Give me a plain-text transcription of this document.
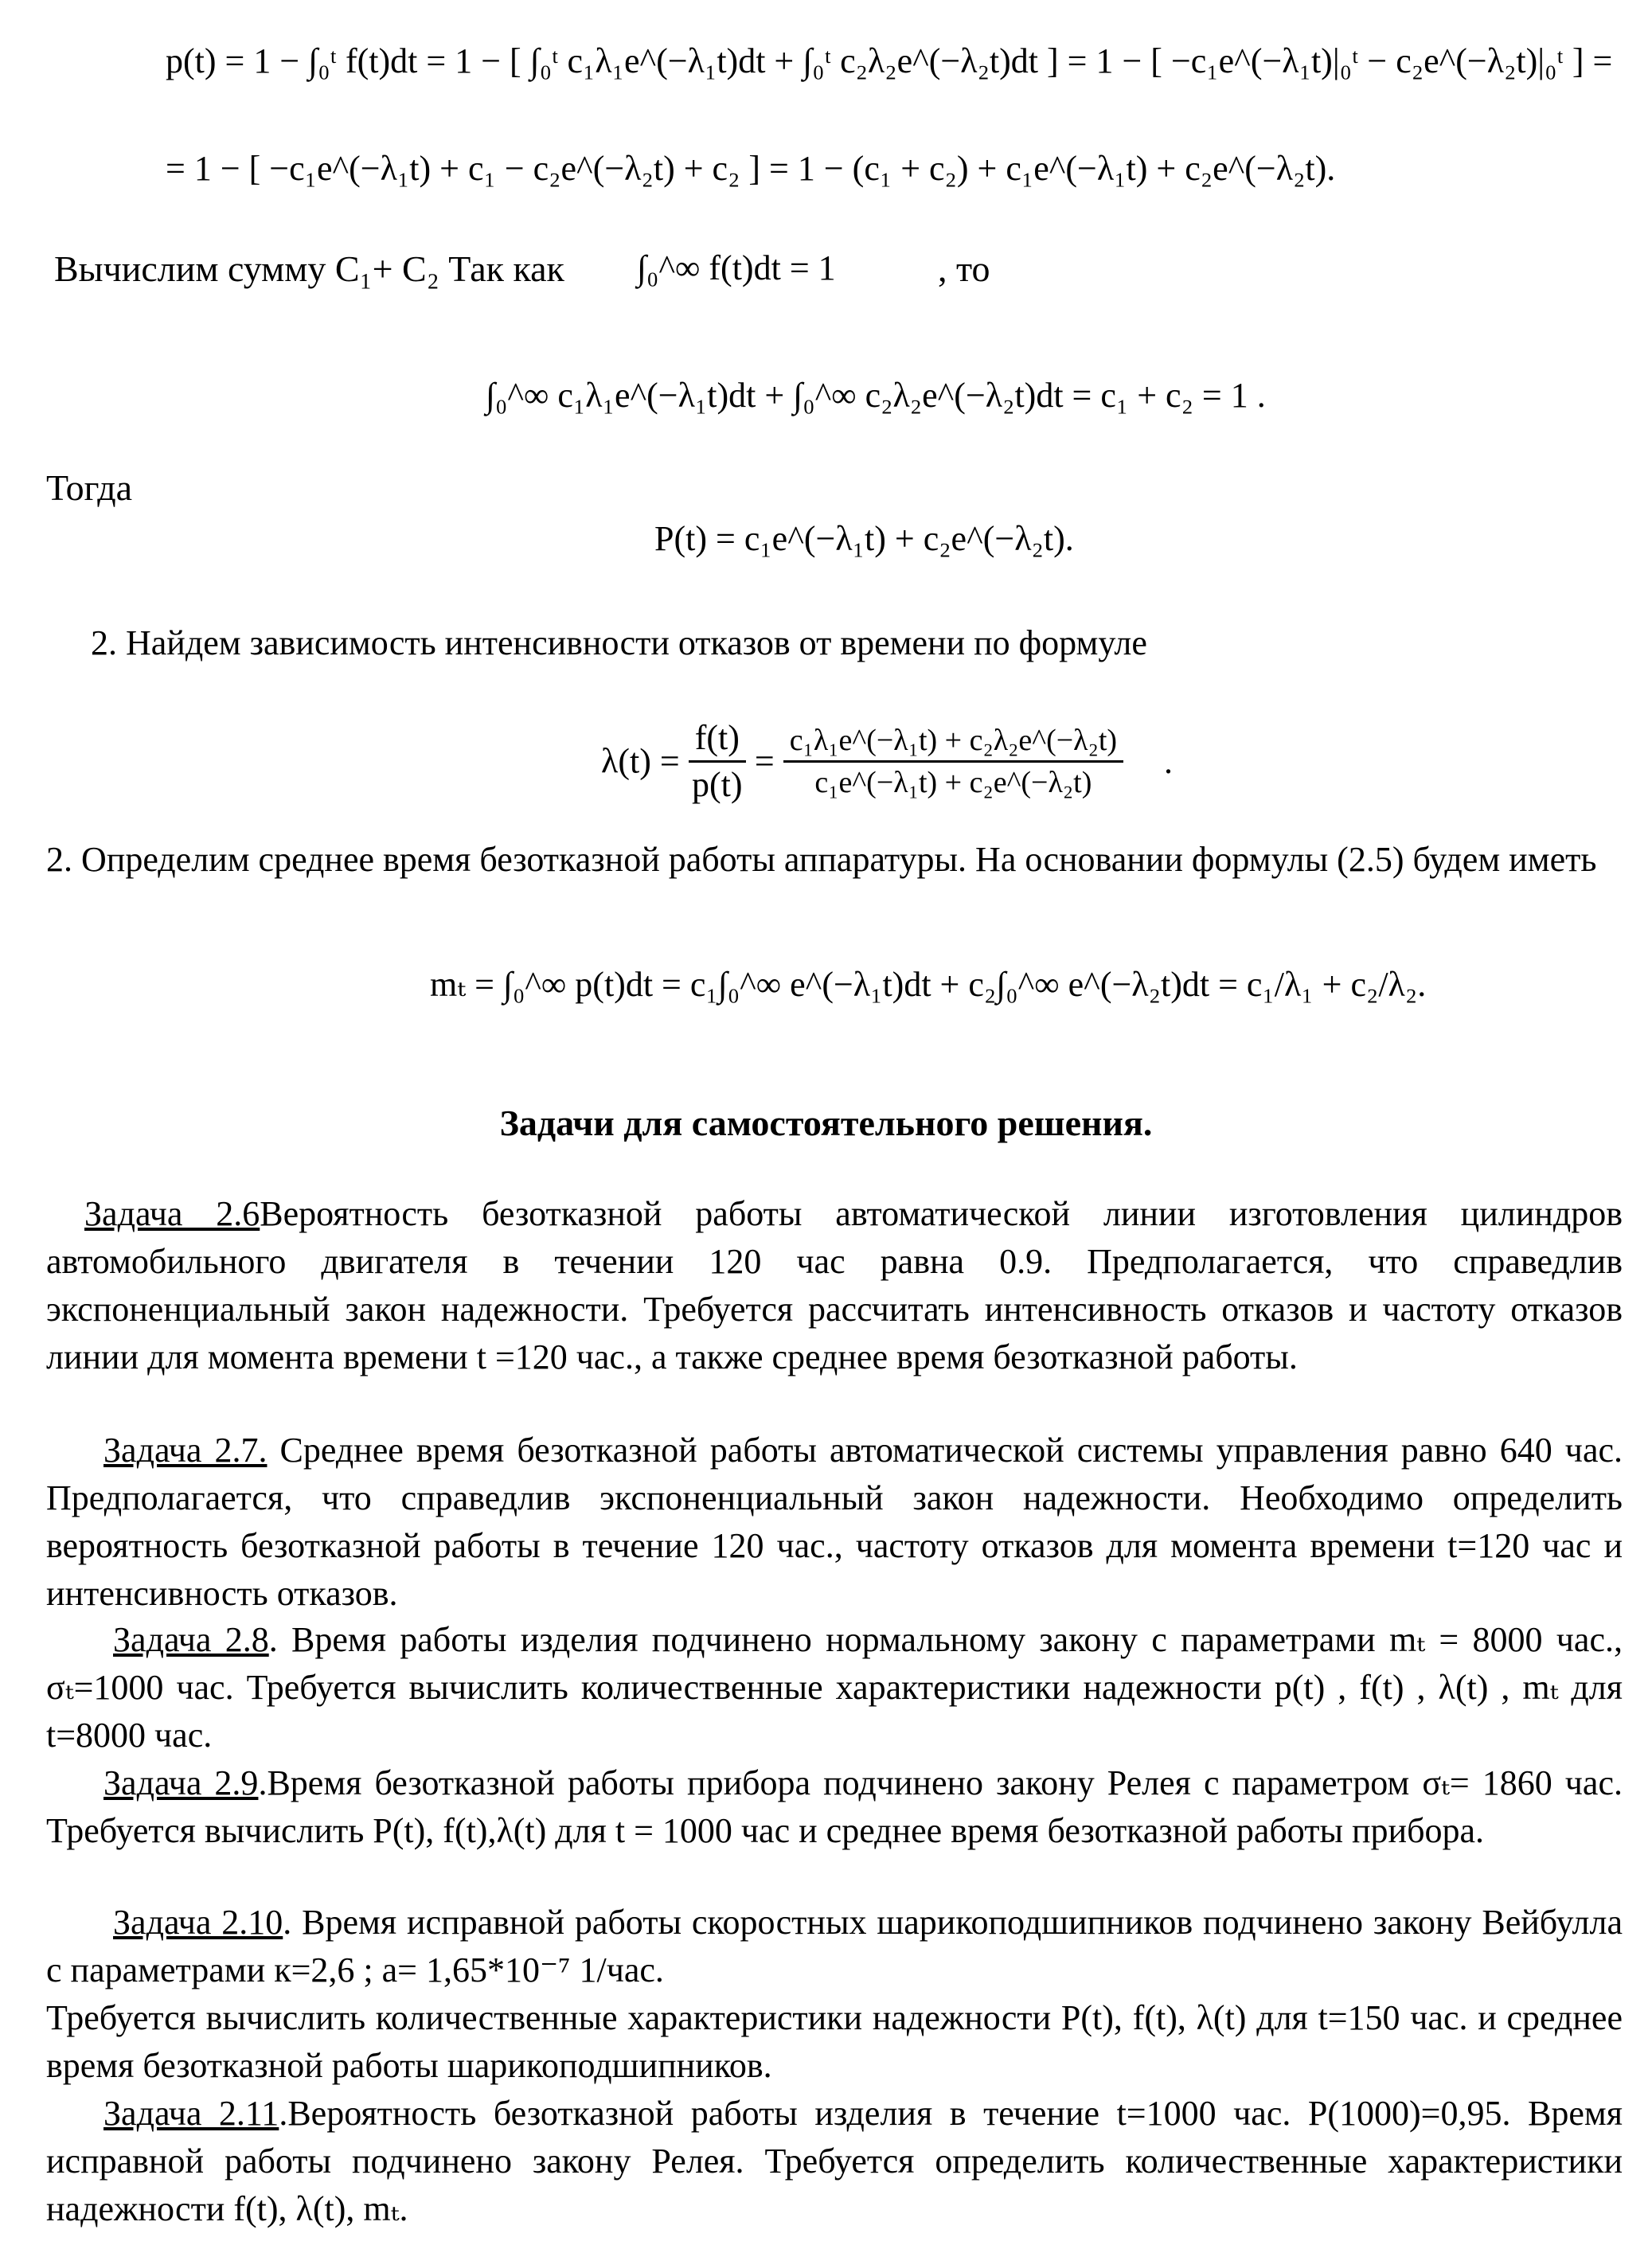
p(t) = 1 − ∫₀ᵗ f(t)dt = 1 − [ ∫₀ᵗ c₁λ₁e^(−λ₁t)dt + ∫₀ᵗ c₂λ₂e^(−λ₂t)dt ] = 1 − [ −c₁e^(−λ₁t)|₀ᵗ − c₂e^(−λ₂t)|₀ᵗ ] =
= 1 − [ −c₁e^(−λ₁t) + c₁ − c₂e^(−λ₂t) + c₂ ] = 1 − (c₁ + c₂) + c₁e^(−λ₁t) + c₂e^(−λ₂t).
Вычислим сумму C₁+ C₂ Так как ∫₀^∞ f(t)dt = 1	, то
∫₀^∞ c₁λ₁e^(−λ₁t)dt + ∫₀^∞ c₂λ₂e^(−λ₂t)dt = c₁ + c₂ = 1 .
Тогда
P(t) = c₁e^(−λ₁t) + c₂e^(−λ₂t).
2. Найдем зависимость интенсивности отказов от времени по формуле
$\lambda(t) = \frac{f(t)}{p(t)} = \frac{\text{c₁λ₁e\textasciicircum{}(−λ₁t) + c₂λ₂e\textasciicircum{}(−λ₂t)}}{\text{c₁e\textasciicircum{}(−λ₁t) + c₂e\textasciicircum{}(−λ₂t)}}$ .
2. Определим среднее время безотказной работы аппаратуры. На основании формулы (2.5) будем иметь
mₜ = ∫₀^∞ p(t)dt = c₁∫₀^∞ e^(−λ₁t)dt + c₂∫₀^∞ e^(−λ₂t)dt = c₁/λ₁ + c₂/λ₂.
Задачи для самостоятельного решения.
Задача 2.6Вероятность безотказной работы автоматической линии изготовления цилиндров автомобильного двигателя в течении 120 час равна 0.9. Предполагается, что справедлив экспоненциальный закон надежности. Требуется рассчитать интенсивность отказов и частоту отказов линии для момента времени t =120 час., а также среднее время безотказной работы.
Задача 2.7. Среднее время безотказной работы автоматической системы управления равно 640 час. Предполагается, что справедлив экспоненциальный закон надежности. Необходимо определить вероятность безотказной работы в течение 120 час., частоту отказов для момента времени t=120 час и интенсивность отказов.
Задача 2.8. Время работы изделия подчинено нормальному закону с параметрами mₜ = 8000 час., σₜ=1000 час. Требуется вычислить количественные характеристики надежности p(t) , f(t) , λ(t) , mₜ для t=8000 час.
Задача 2.9.Время безотказной работы прибора подчинено закону Релея с параметром σₜ= 1860 час. Требуется вычислить P(t), f(t),λ(t) для t = 1000 час и среднее время безотказной работы прибора.
Задача 2.10. Время исправной работы скоростных шарикоподшипников подчинено закону Вейбулла с параметрами к=2,6 ; а= 1,65*10⁻⁷ 1/час.
Требуется вычислить количественные характеристики надежности P(t), f(t), λ(t) для t=150 час. и среднее время безотказной работы шарикоподшипников.
Задача 2.11.Вероятность безотказной работы изделия в течение t=1000 час. P(1000)=0,95. Время исправной работы подчинено закону Релея. Требуется определить количественные характеристики надежности f(t), λ(t), mₜ.
